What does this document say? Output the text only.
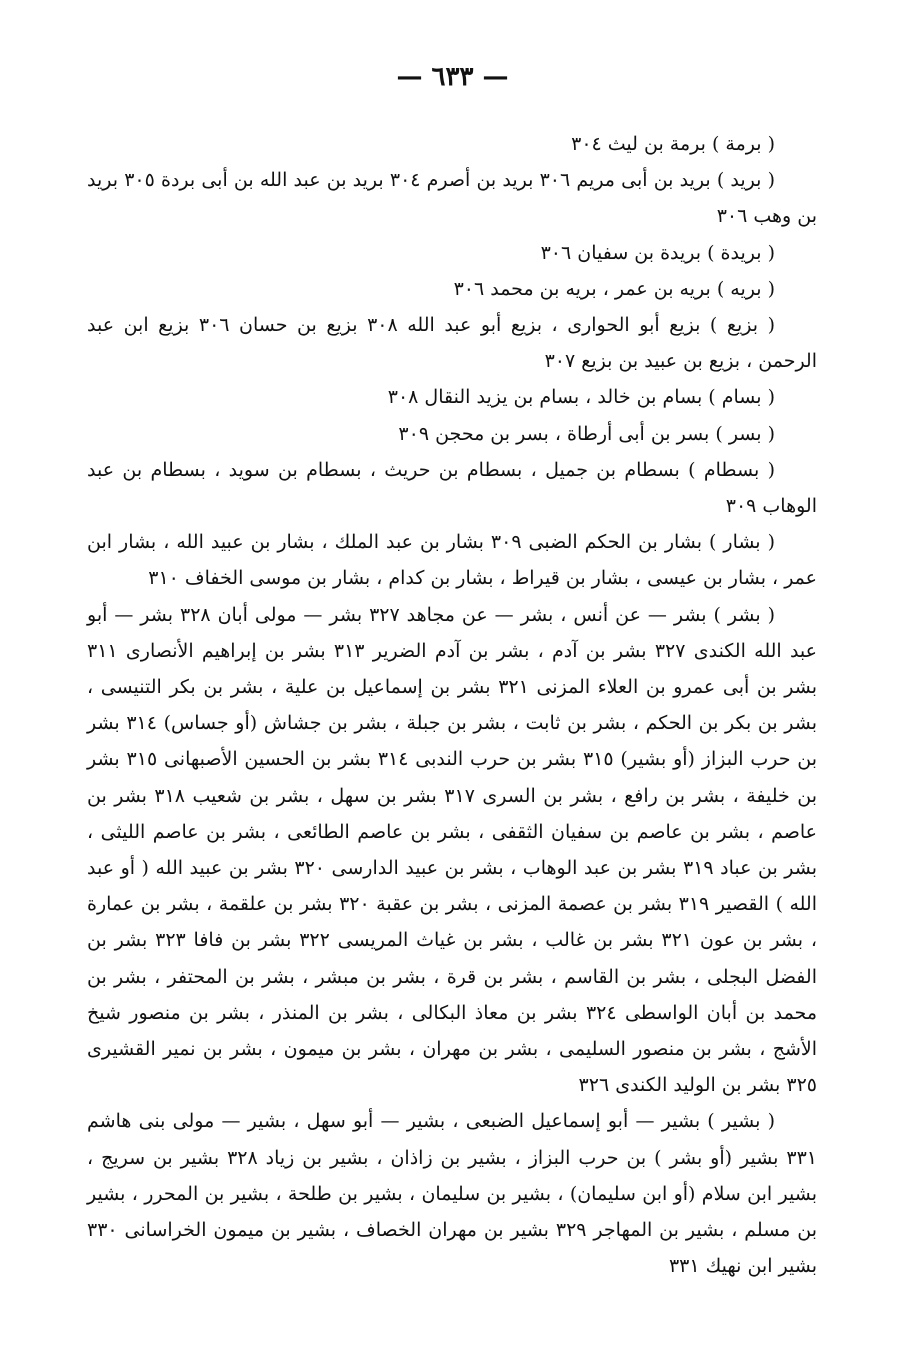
— ٦٣٣ —

( برمة ) برمة بن ليث ٣٠٤

( بريد ) بريد بن أبى مريم ٣٠٦ بريد بن أصرم ٣٠٤ بريد بن عبد الله بن أبى بردة ٣٠٥ بريد بن وهب ٣٠٦

( بريدة ) بريدة بن سفيان ٣٠٦

( بريه ) بريه بن عمر ، بريه بن محمد ٣٠٦

( بزيع ) بزيع أبو الحوارى ، بزيع أبو عبد الله ٣٠٨ بزيع بن حسان ٣٠٦ بزيع ابن عبد الرحمن ، بزيع بن عبيد بن بزيع ٣٠٧

( بسام ) بسام بن خالد ، بسام بن يزيد النقال ٣٠٨

( بسر ) بسر بن أبى أرطاة ، بسر بن محجن ٣٠٩

( بسطام ) بسطام بن جميل ، بسطام بن حريث ، بسطام بن سويد ، بسطام بن عبد الوهاب ٣٠٩

( بشار ) بشار بن الحكم الضبى ٣٠٩ بشار بن عبد الملك ، بشار بن عبيد الله ، بشار ابن عمر ، بشار بن عيسى ، بشار بن قيراط ، بشار بن كدام ، بشار بن موسى الخفاف ٣١٠

( بشر ) بشر — عن أنس ، بشر — عن مجاهد ٣٢٧ بشر — مولى أبان ٣٢٨ بشر — أبو عبد الله الكندى ٣٢٧ بشر بن آدم ، بشر بن آدم الضرير ٣١٣ بشر بن إبراهيم الأنصارى ٣١١ بشر بن أبى عمرو بن العلاء المزنى ٣٢١ بشر بن إسماعيل بن علية ، بشر بن بكر التنيسى ، بشر بن بكر بن الحكم ، بشر بن ثابت ، بشر بن جبلة ، بشر بن جشاش (أو جساس) ٣١٤ بشر بن حرب البزاز (أو بشير) ٣١٥ بشر بن حرب الندبى ٣١٤ بشر بن الحسين الأصبهانى ٣١٥ بشر بن خليفة ، بشر بن رافع ، بشر بن السرى ٣١٧ بشر بن سهل ، بشر بن شعيب ٣١٨ بشر بن عاصم ، بشر بن عاصم بن سفيان الثقفى ، بشر بن عاصم الطائعى ، بشر بن عاصم الليثى ، بشر بن عباد ٣١٩ بشر بن عبد الوهاب ، بشر بن عبيد الدارسى ٣٢٠ بشر بن عبيد الله ( أو عبد الله ) القصير ٣١٩ بشر بن عصمة المزنى ، بشر بن عقبة ٣٢٠ بشر بن علقمة ، بشر بن عمارة ، بشر بن عون ٣٢١ بشر بن غالب ، بشر بن غياث المريسى ٣٢٢ بشر بن فافا ٣٢٣ بشر بن الفضل البجلى ، بشر بن القاسم ، بشر بن قرة ، بشر بن مبشر ، بشر بن المحتفر ، بشر بن محمد بن أبان الواسطى ٣٢٤ بشر بن معاذ البكالى ، بشر بن المنذر ، بشر بن منصور شيخ الأشج ، بشر بن منصور السليمى ، بشر بن مهران ، بشر بن ميمون ، بشر بن نمير القشيرى ٣٢٥ بشر بن الوليد الكندى ٣٢٦

( بشير ) بشير — أبو إسماعيل الضبعى ، بشير — أبو سهل ، بشير — مولى بنى هاشم ٣٣١ بشير (أو بشر ) بن حرب البزاز ، بشير بن زاذان ، بشير بن زياد ٣٢٨ بشير بن سريج ، بشير ابن سلام (أو ابن سليمان) ، بشير بن سليمان ، بشير بن طلحة ، بشير بن المحرر ، بشير بن مسلم ، بشير بن المهاجر ٣٢٩ بشير بن مهران الخصاف ، بشير بن ميمون الخراسانى ٣٣٠ بشير ابن نهيك ٣٣١
